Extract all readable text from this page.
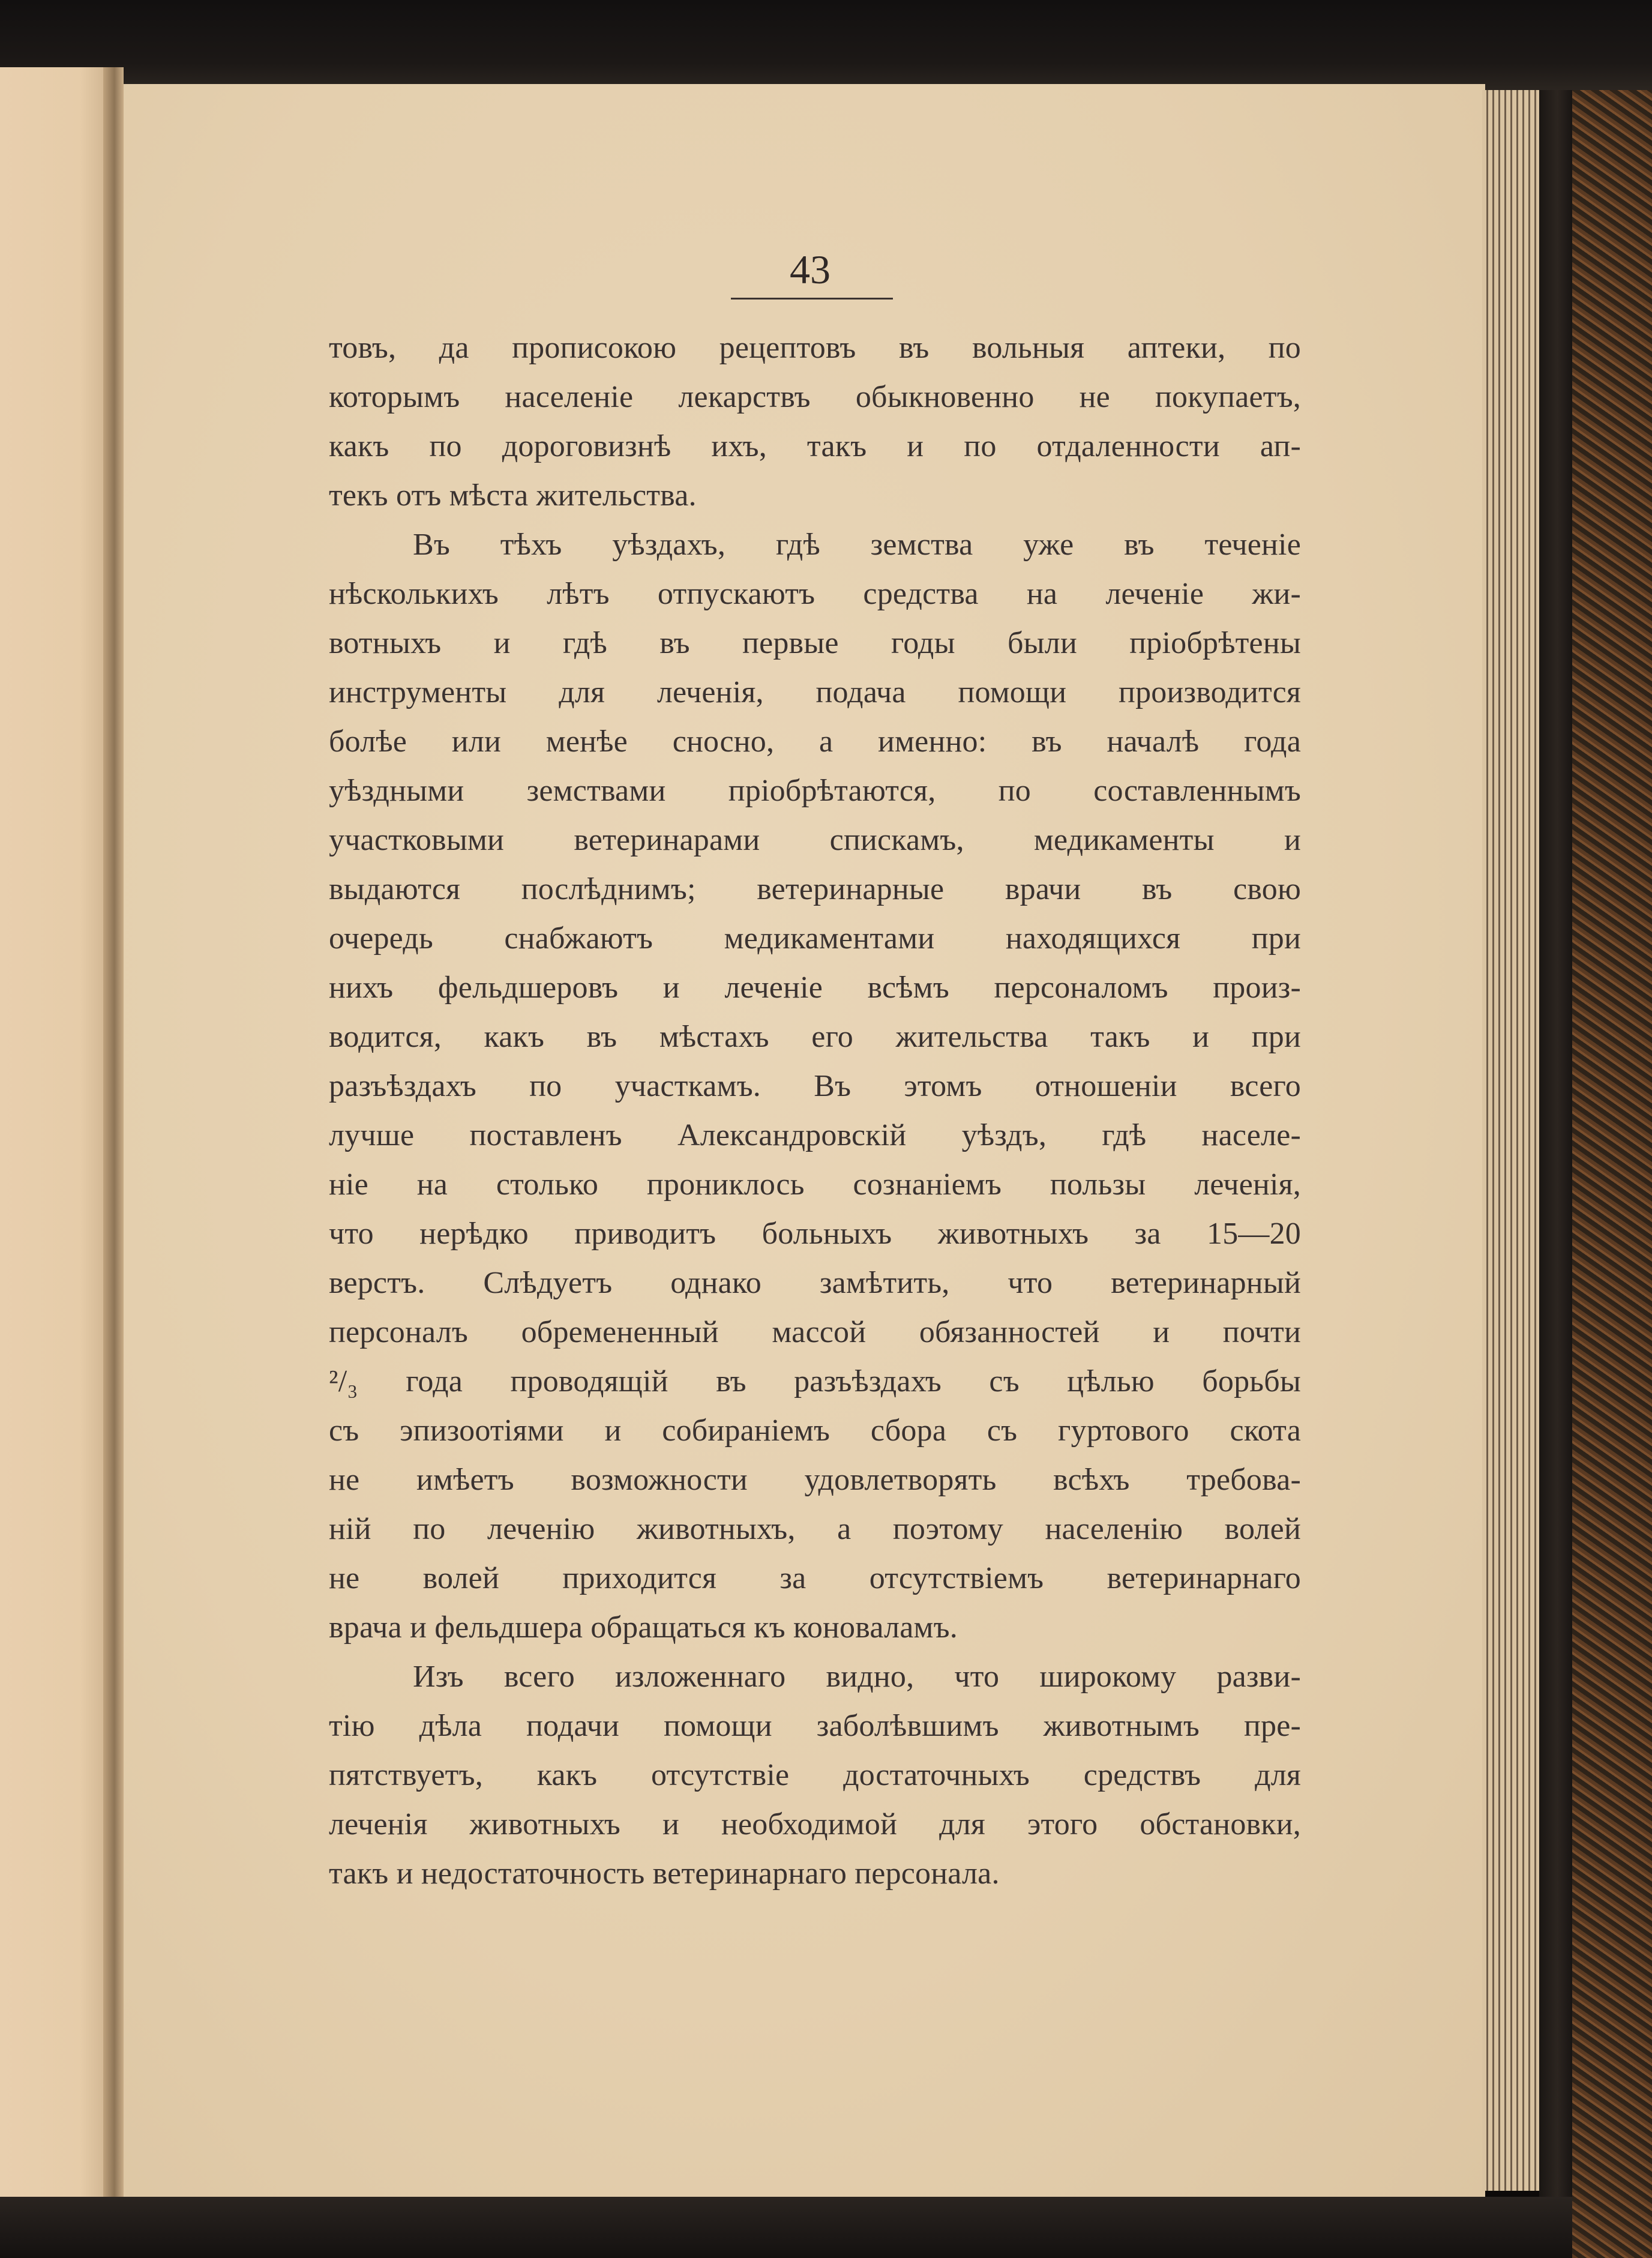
43
товъ, да прописокою рецептовъ въ вольныя аптеки, по
которымъ населеніе лекарствъ обыкновенно не покупаетъ,
какъ по дороговизнѣ ихъ, такъ и по отдаленности ап-
текъ отъ мѣста жительства.
Въ тѣхъ уѣздахъ, гдѣ земства уже въ теченіе
нѣсколькихъ лѣтъ отпускаютъ средства на леченіе жи-
вотныхъ и гдѣ въ первые годы были пріобрѣтены
инструменты для леченія, подача помощи производится
болѣе или менѣе сносно, а именно: въ началѣ года
уѣздными земствами пріобрѣтаются, по составленнымъ
участковыми ветеринарами спискамъ, медикаменты и
выдаются послѣднимъ; ветеринарные врачи въ свою
очередь снабжаютъ медикаментами находящихся при
нихъ фельдшеровъ и леченіе всѣмъ персоналомъ произ-
водится, какъ въ мѣстахъ его жительства такъ и при
разъѣздахъ по участкамъ. Въ этомъ отношеніи всего
лучше поставленъ Александровскій уѣздъ, гдѣ населе-
ніе на столько прониклось сознаніемъ пользы леченія,
что нерѣдко приводитъ больныхъ животныхъ за 15—20
верстъ. Слѣдуетъ однако замѣтить, что ветеринарный
персоналъ обремененный массой обязанностей и почти
²/₃ года проводящій въ разъѣздахъ съ цѣлью борьбы
съ эпизоотіями и собираніемъ сбора съ гуртового скота
не имѣетъ возможности удовлетворять всѣхъ требова-
ній по леченію животныхъ, а поэтому населенію волей
не волей приходится за отсутствіемъ ветеринарнаго
врача и фельдшера обращаться къ коноваламъ.
Изъ всего изложеннаго видно, что широкому разви-
тію дѣла подачи помощи заболѣвшимъ животнымъ пре-
пятствуетъ, какъ отсутствіе достаточныхъ средствъ для
леченія животныхъ и необходимой для этого обстановки,
такъ и недостаточность ветеринарнаго персонала.
